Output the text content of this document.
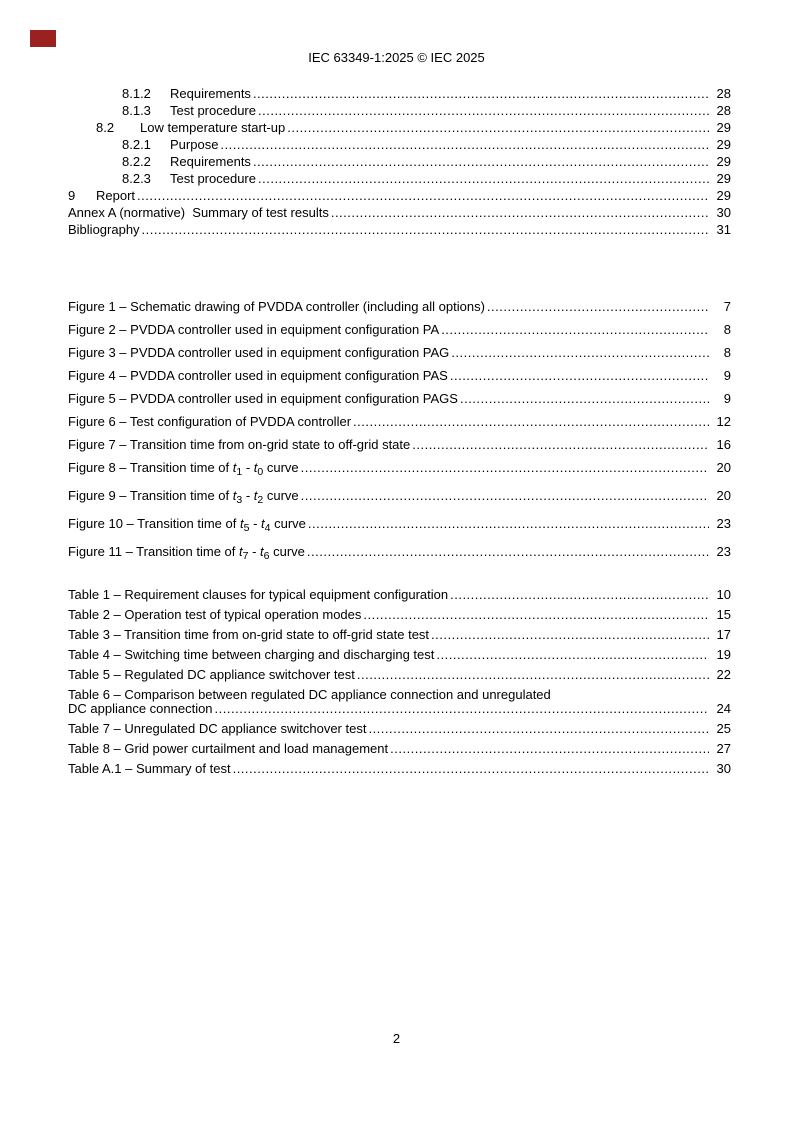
IEC 63349-1:2025 © IEC 2025
8.1.2	Requirements .....	28
8.1.3	Test procedure .....	28
8.2	Low temperature start-up .....	29
8.2.1	Purpose .....	29
8.2.2	Requirements .....	29
8.2.3	Test procedure .....	29
9	Report .....	29
Annex A (normative)  Summary of test results .....	30
Bibliography .....	31
Figure 1 – Schematic drawing of PVDDA controller (including all options) .....	7
Figure 2 – PVDDA controller used in equipment configuration PA .....	8
Figure 3 – PVDDA controller used in equipment configuration PAG .....	8
Figure 4 – PVDDA controller used in equipment configuration PAS .....	9
Figure 5 – PVDDA controller used in equipment configuration PAGS .....	9
Figure 6 – Test configuration of PVDDA controller .....	12
Figure 7 – Transition time from on-grid state to off-grid state .....	16
Figure 8 – Transition time of $t_1 - t_0$ curve .....	20
Figure 9 – Transition time of $t_3 - t_2$ curve .....	20
Figure 10 – Transition time of $t_5 - t_4$ curve .....	23
Figure 11 – Transition time of $t_7 - t_6$ curve .....	23
Table 1 – Requirement clauses for typical equipment configuration .....	10
Table 2 – Operation test of typical operation modes .....	15
Table 3 – Transition time from on-grid state to off-grid state test .....	17
Table 4 – Switching time between charging and discharging test .....	19
Table 5 – Regulated DC appliance switchover test .....	22
Table 6 – Comparison between regulated DC appliance connection and unregulated
DC appliance connection .....	24
Table 7 – Unregulated DC appliance switchover test .....	25
Table 8 – Grid power curtailment and load management .....	27
Table A.1 – Summary of test .....	30
2
